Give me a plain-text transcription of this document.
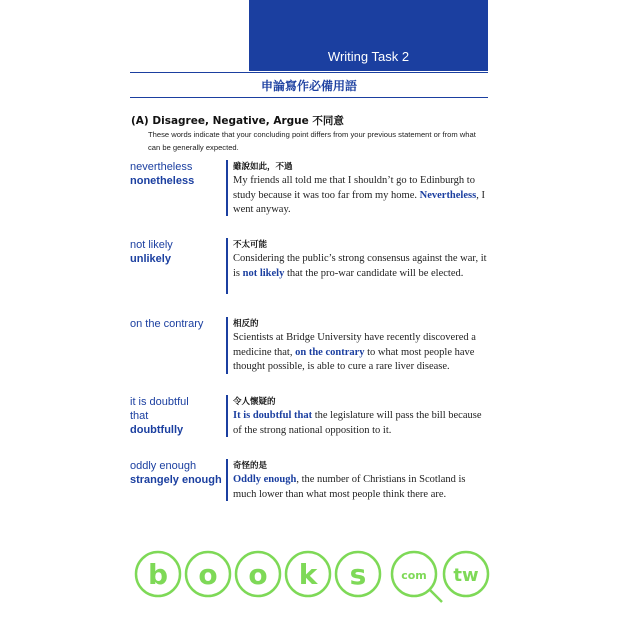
Writing Task 2
申論寫作必備用語
(A) Disagree, Negative, Argue 不同意
These words indicate that your concluding point differs from your previous statement or from what can be generally expected.
nevertheless
nonetheless
雖說如此，不過
My friends all told me that I shouldn’t go to Edinburgh to study because it was too far from my home. Nevertheless, I went anyway.
not likely
unlikely
不太可能
Considering the public’s strong consensus against the war, it is not likely that the pro-war candidate will be elected.
on the contrary	相反的
Scientists at Bridge University have recently discovered a medicine that, on the contrary to what most people have thought possible, is able to cure a rare liver disease.
it is doubtful
that
doubtfully
令人懷疑的
It is doubtful that the legislature will pass the bill because of the strong national opposition to it.
oddly enough
strangely enough
奇怪的是
Oddly enough, the number of Christians in Scotland is much lower than what most people think there are.
b o o k s	com tw
